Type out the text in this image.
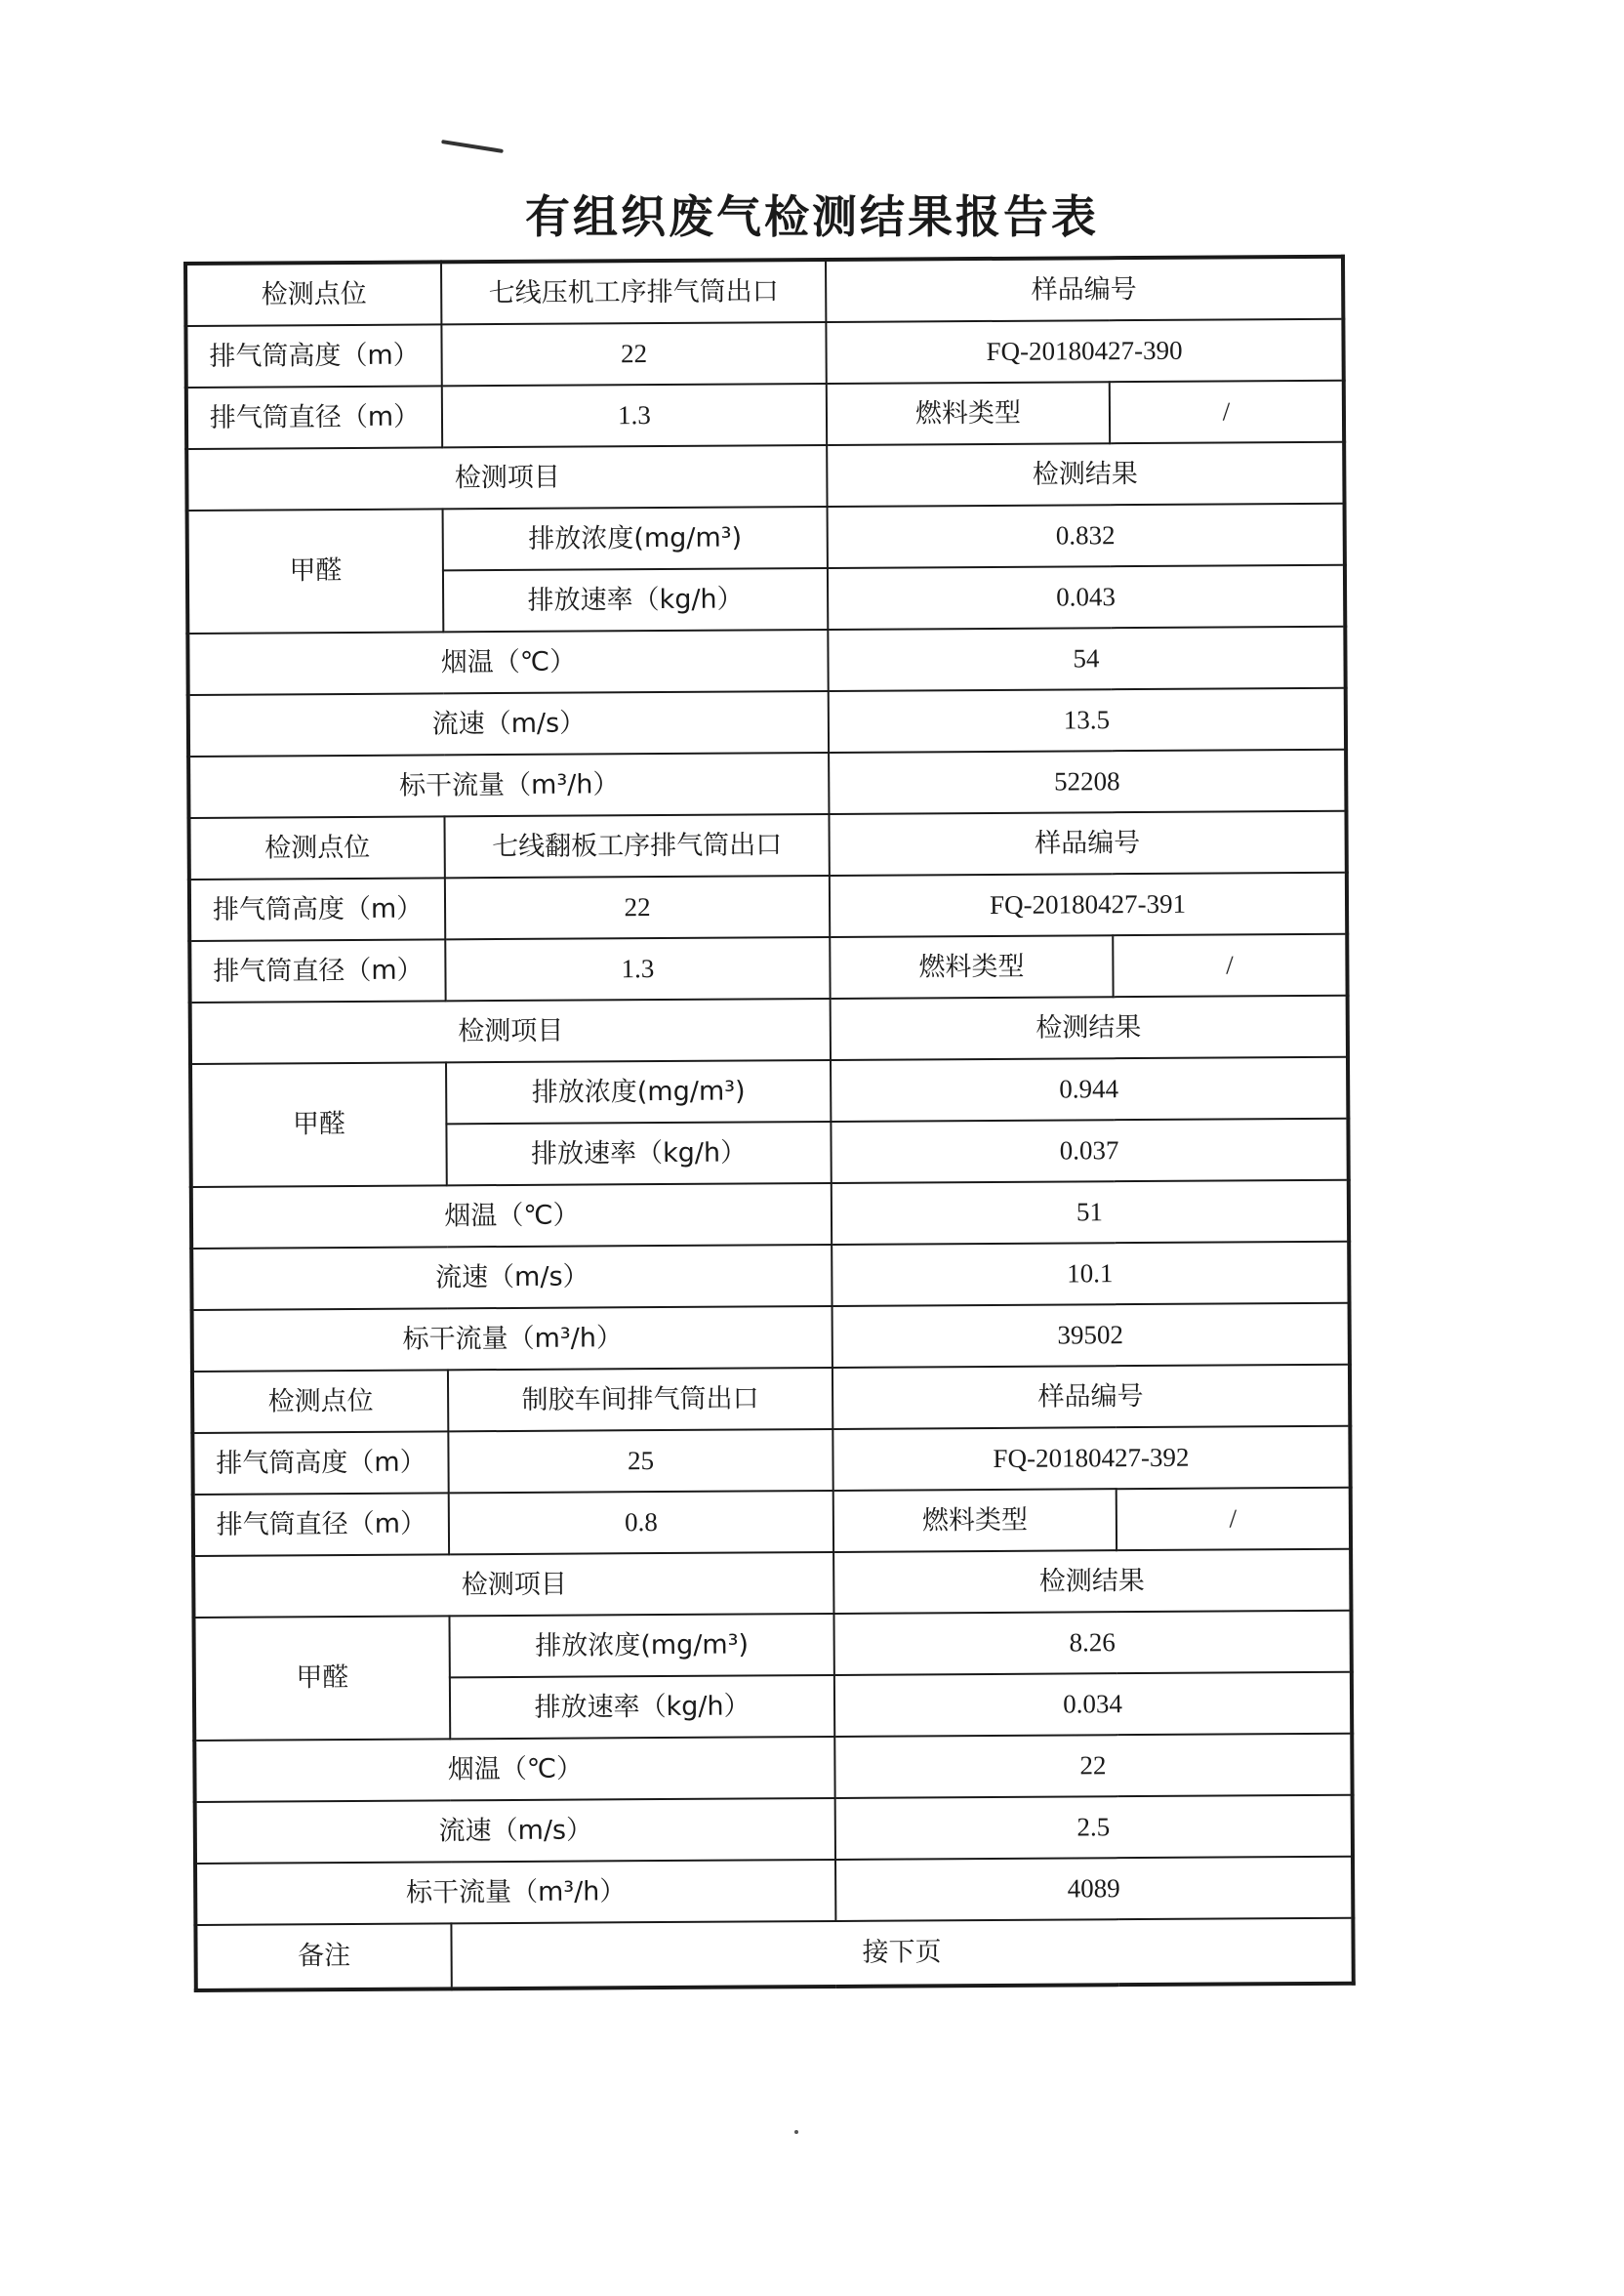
有组织废气检测结果报告表
检测点位	七线压机工序排气筒出口	样品编号	
排气筒高度（m）	22	FQ-20180427-390	
排气筒直径（m）	1.3	燃料类型	/
检测项目		检测结果	
甲醛	排放浓度(mg/m³)	0.832	
	排放速率（kg/h）	0.043	
烟温（℃）		54	
流速（m/s）		13.5	
标干流量（m³/h）		52208	
检测点位	七线翻板工序排气筒出口	样品编号	
排气筒高度（m）	22	FQ-20180427-391	
排气筒直径（m）	1.3	燃料类型	/
检测项目		检测结果	
甲醛	排放浓度(mg/m³)	0.944	
	排放速率（kg/h）	0.037	
烟温（℃）		51	
流速（m/s）		10.1	
标干流量（m³/h）		39502	
检测点位	制胶车间排气筒出口	样品编号	
排气筒高度（m）	25	FQ-20180427-392	
排气筒直径（m）	0.8	燃料类型	/
检测项目		检测结果	
甲醛	排放浓度(mg/m³)	8.26	
	排放速率（kg/h）	0.034	
烟温（℃）		22	
流速（m/s）		2.5	
标干流量（m³/h）		4089	
备注	接下页		
